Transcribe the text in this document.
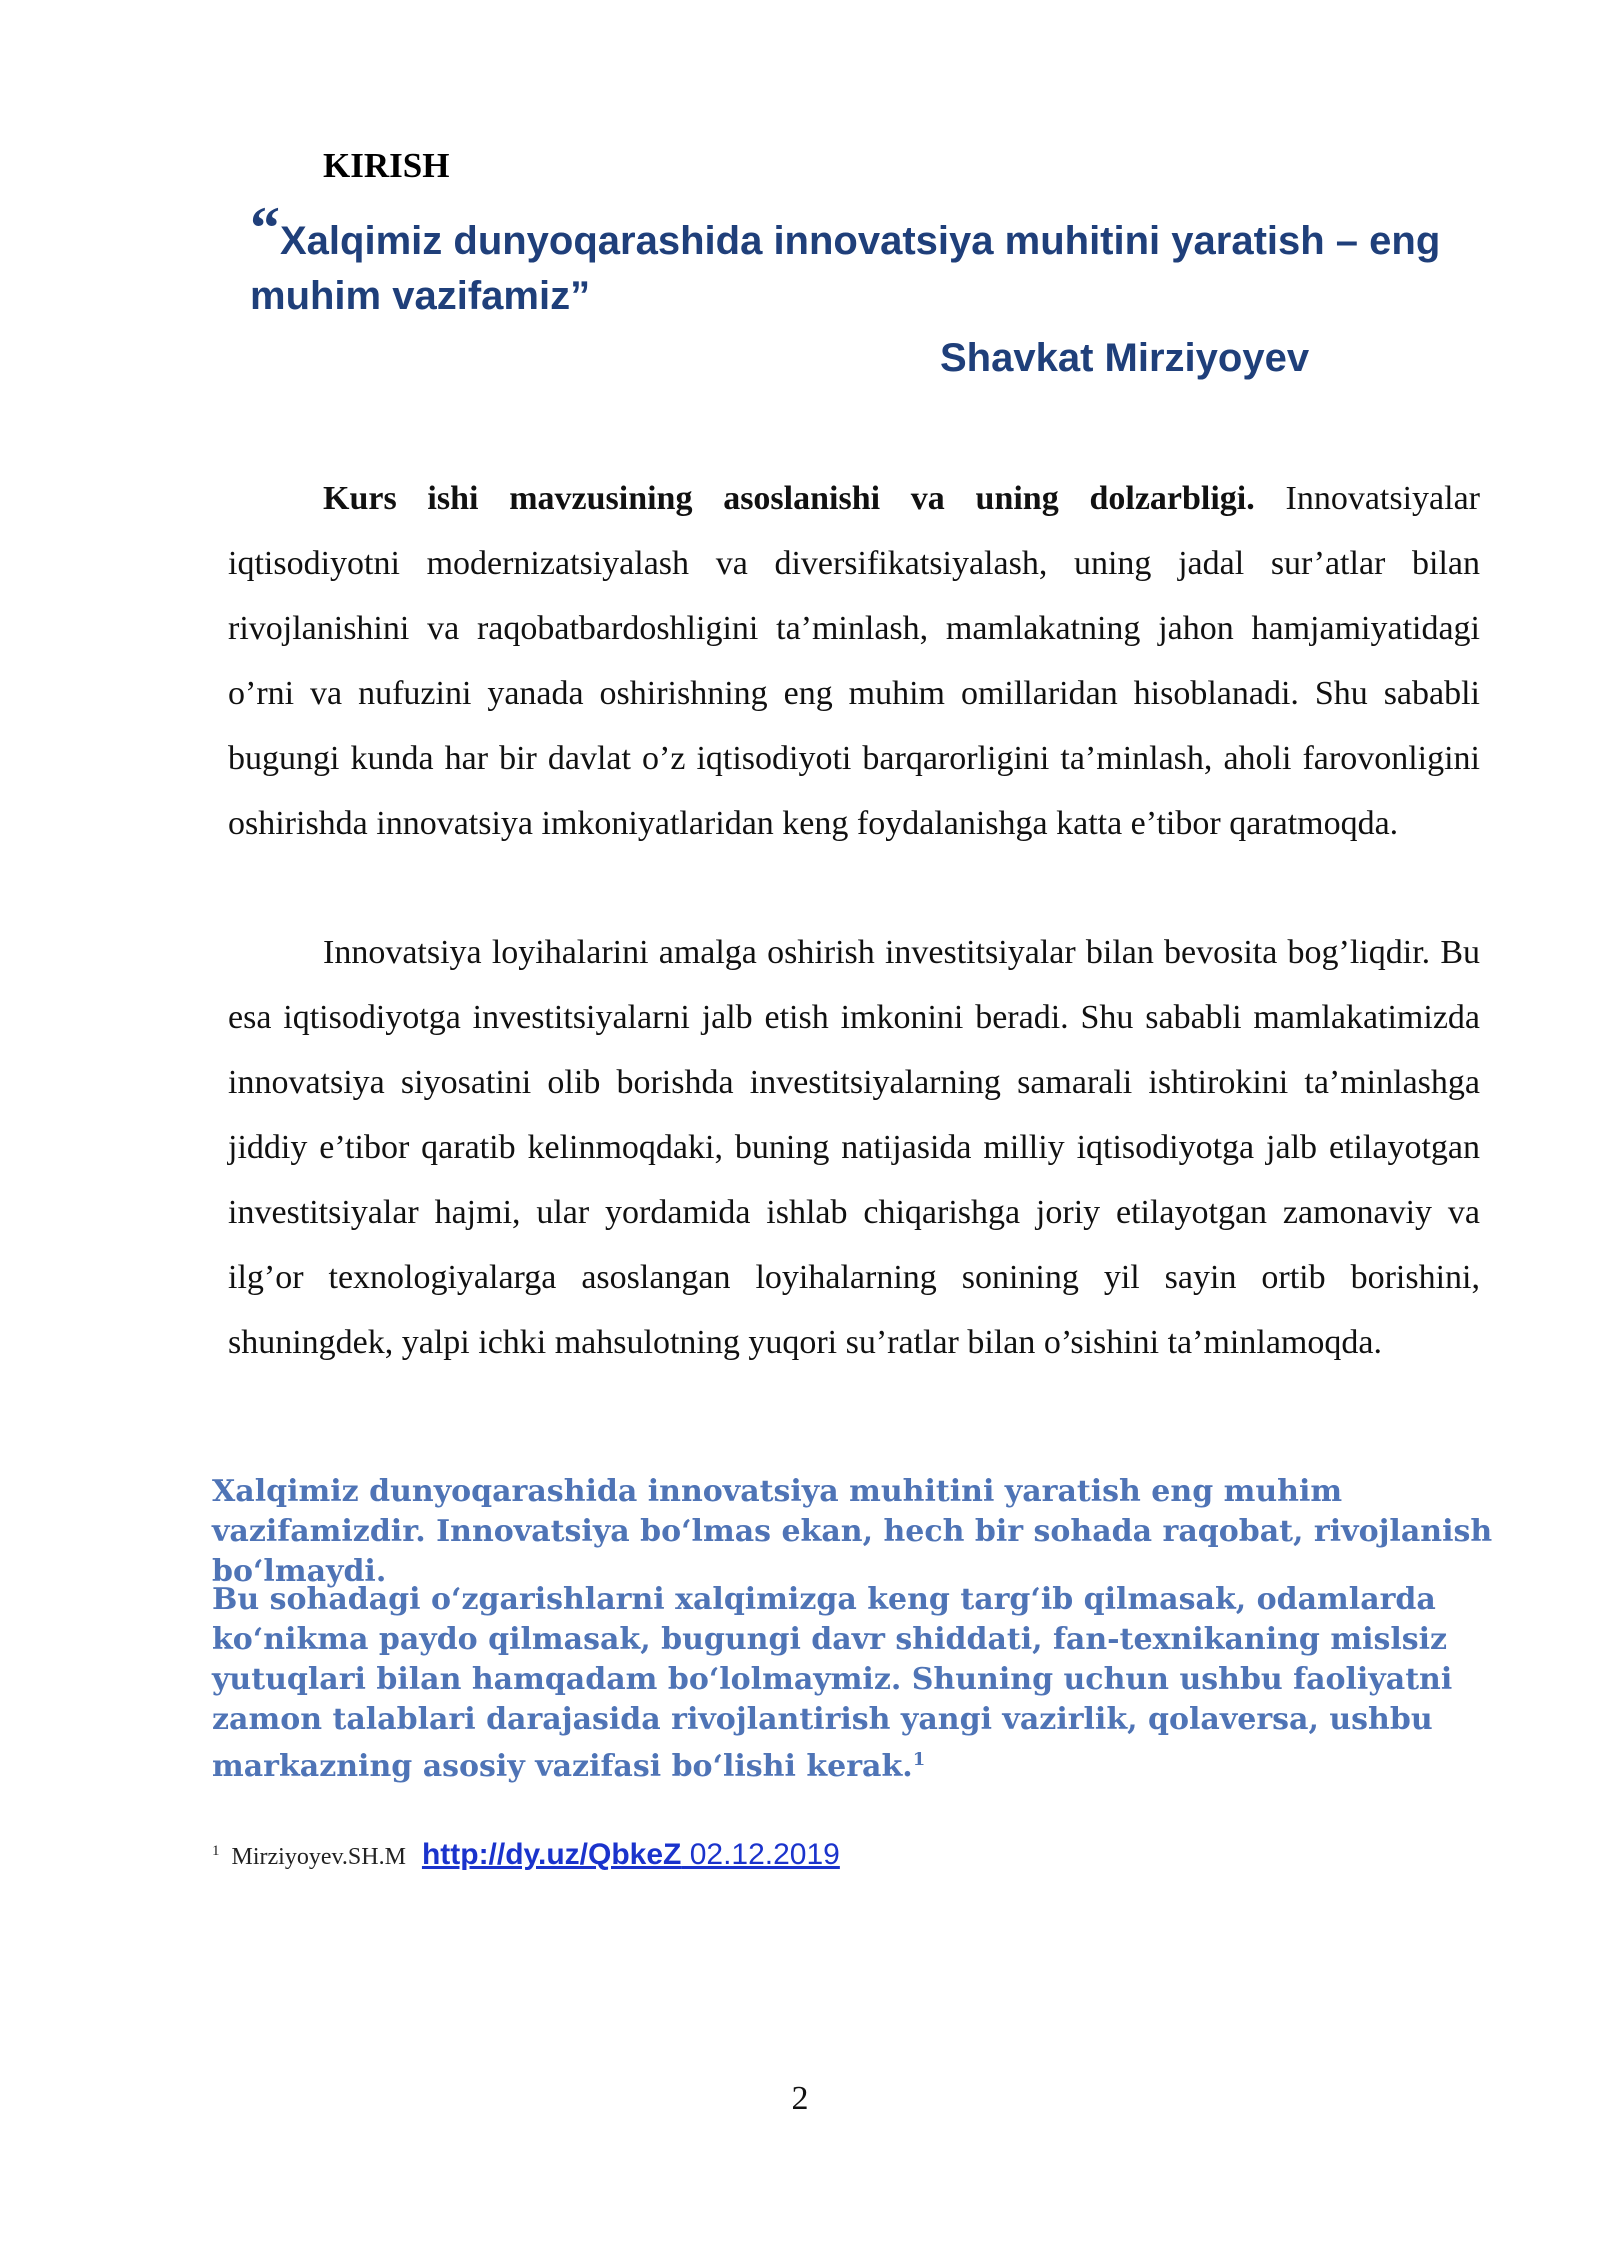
KIRISH

“Xalqimiz dunyoqarashida innovatsiya muhitini yaratish – eng muhim vazifamiz”

Shavkat Mirziyoyev

Kurs ishi mavzusining asoslanishi va uning dolzarbligi. Innovatsiyalar iqtisodiyotni modernizatsiyalash va diversifikatsiyalash, uning jadal sur’atlar bilan rivojlanishini va raqobatbardoshligini ta’minlash, mamlakatning jahon hamjamiyatidagi o’rni va nufuzini yanada oshirishning eng muhim omillaridan hisoblanadi. Shu sababli bugungi kunda har bir davlat o’z iqtisodiyoti barqarorligini ta’minlash, aholi farovonligini oshirishda innovatsiya imkoniyatlaridan keng foydalanishga katta e’tibor qaratmoqda.

Innovatsiya loyihalarini amalga oshirish investitsiyalar bilan bevosita bog’liqdir. Bu esa iqtisodiyotga investitsiyalarni jalb etish imkonini beradi. Shu sababli mamlakatimizda innovatsiya siyosatini olib borishda investitsiyalarning samarali ishtirokini ta’minlashga jiddiy e’tibor qaratib kelinmoqdaki, buning natijasida milliy iqtisodiyotga jalb etilayotgan investitsiyalar hajmi, ular yordamida ishlab chiqarishga joriy etilayotgan zamonaviy va ilg’or texnologiyalarga asoslangan loyihalarning sonining yil sayin ortib borishini, shuningdek, yalpi ichki mahsulotning yuqori su’ratlar bilan o’sishini ta’minlamoqda.

Xalqimiz dunyoqarashida innovatsiya muhitini yaratish eng muhim vazifamizdir. Innovatsiya boʻlmas ekan, hech bir sohada raqobat, rivojlanish boʻlmaydi.

Bu sohadagi oʻzgarishlarni xalqimizga keng targʻib qilmasak, odamlarda koʻnikma paydo qilmasak, bugungi davr shiddati, fan-texnikaning mislsiz yutuqlari bilan hamqadam boʻlolmaymiz. Shuning uchun ushbu faoliyatni zamon talablari darajasida rivojlantirish yangi vazirlik, qolaversa, ushbu markazning asosiy vazifasi boʻlishi kerak.$^1$

$^1$ Mirziyoyev.SH.M http://dy.uz/QbkeZ 02.12.2019

2
